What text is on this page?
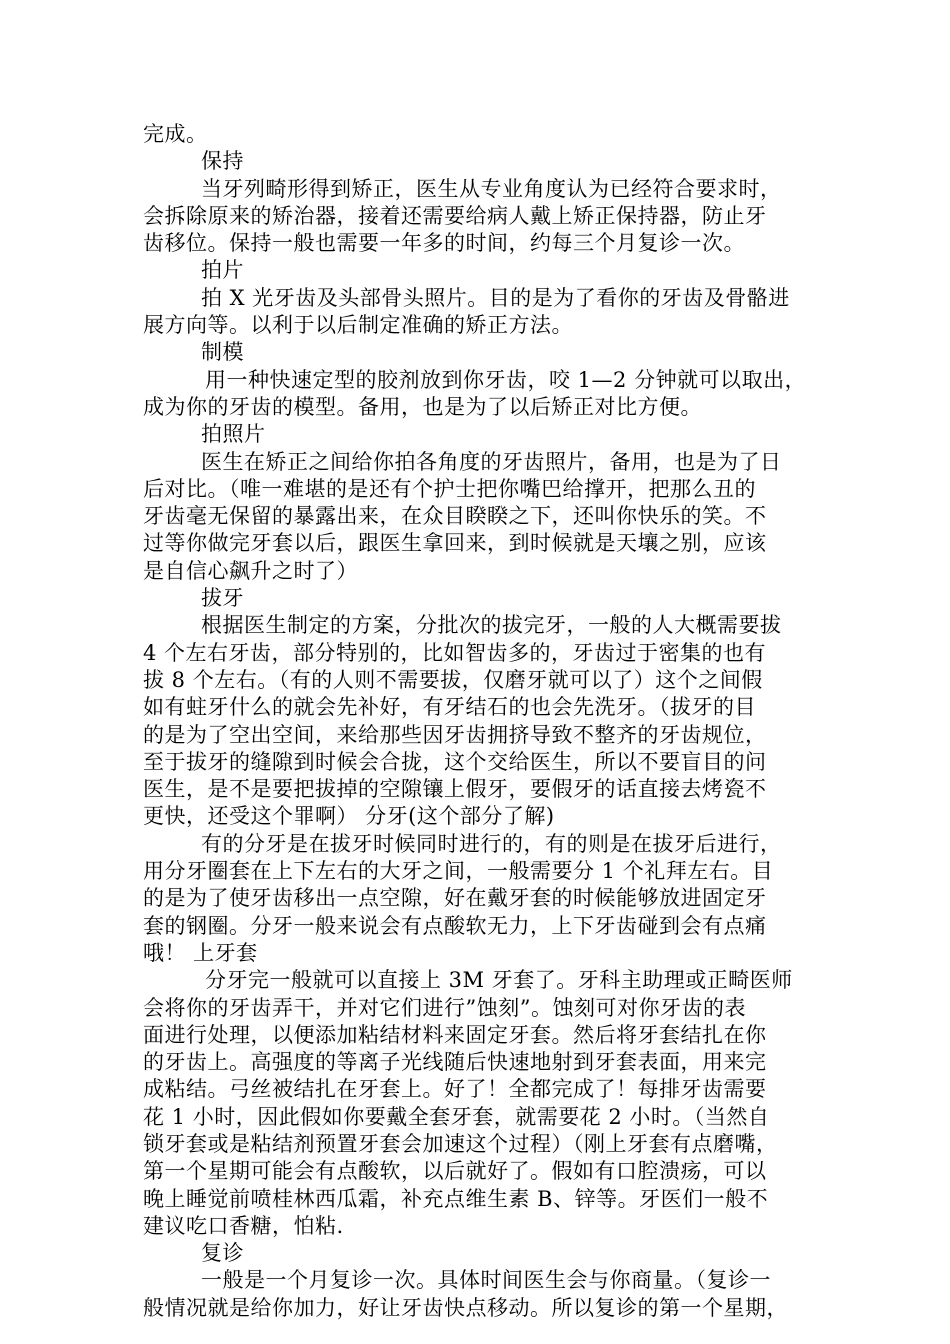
完成。
保持
当牙列畸形得到矫正，医生从专业角度认为已经符合要求时，
会拆除原来的矫治器，接着还需要给病人戴上矫正保持器，防止牙
齿移位。保持一般也需要一年多的时间，约每三个月复诊一次。
拍片
拍 X 光牙齿及头部骨头照片。目的是为了看你的牙齿及骨骼进
展方向等。以利于以后制定准确的矫正方法。
制模
用一种快速定型的胶剂放到你牙齿，咬 1—2 分钟就可以取出，
成为你的牙齿的模型。备用，也是为了以后矫正对比方便。
拍照片
医生在矫正之间给你拍各角度的牙齿照片，备用，也是为了日
后对比。（唯一难堪的是还有个护士把你嘴巴给撑开，把那么丑的
牙齿毫无保留的暴露出来，在众目睽睽之下，还叫你快乐的笑。不
过等你做完牙套以后，跟医生拿回来，到时候就是天壤之别，应该
是自信心飙升之时了）
拔牙
根据医生制定的方案，分批次的拔完牙，一般的人大概需要拔
4 个左右牙齿，部分特别的，比如智齿多的，牙齿过于密集的也有
拔 8 个左右。（有的人则不需要拔，仅磨牙就可以了）这个之间假
如有蛀牙什么的就会先补好，有牙结石的也会先洗牙。（拔牙的目
的是为了空出空间，来给那些因牙齿拥挤导致不整齐的牙齿规位，
至于拔牙的缝隙到时候会合拢，这个交给医生，所以不要盲目的问
医生，是不是要把拔掉的空隙镶上假牙，要假牙的话直接去烤瓷不
更快，还受这个罪啊） 分牙(这个部分了解)
有的分牙是在拔牙时候同时进行的，有的则是在拔牙后进行，
用分牙圈套在上下左右的大牙之间，一般需要分 1 个礼拜左右。目
的是为了使牙齿移出一点空隙，好在戴牙套的时候能够放进固定牙
套的钢圈。分牙一般来说会有点酸软无力，上下牙齿碰到会有点痛
哦！ 上牙套
分牙完一般就可以直接上 3M 牙套了。牙科主助理或正畸医师
会将你的牙齿弄干，并对它们进行”蚀刻”。蚀刻可对你牙齿的表
面进行处理，以便添加粘结材料来固定牙套。然后将牙套结扎在你
的牙齿上。高强度的等离子光线随后快速地射到牙套表面，用来完
成粘结。弓丝被结扎在牙套上。好了！全都完成了！每排牙齿需要
花 1 小时，因此假如你要戴全套牙套，就需要花 2 小时。（当然自
锁牙套或是粘结剂预置牙套会加速这个过程）（刚上牙套有点磨嘴，
第一个星期可能会有点酸软，以后就好了。假如有口腔溃疡，可以
晚上睡觉前喷桂林西瓜霜，补充点维生素 B、锌等。牙医们一般不
建议吃口香糖，怕粘.
复诊
一般是一个月复诊一次。具体时间医生会与你商量。（复诊一
般情况就是给你加力，好让牙齿快点移动。所以复诊的第一个星期，
